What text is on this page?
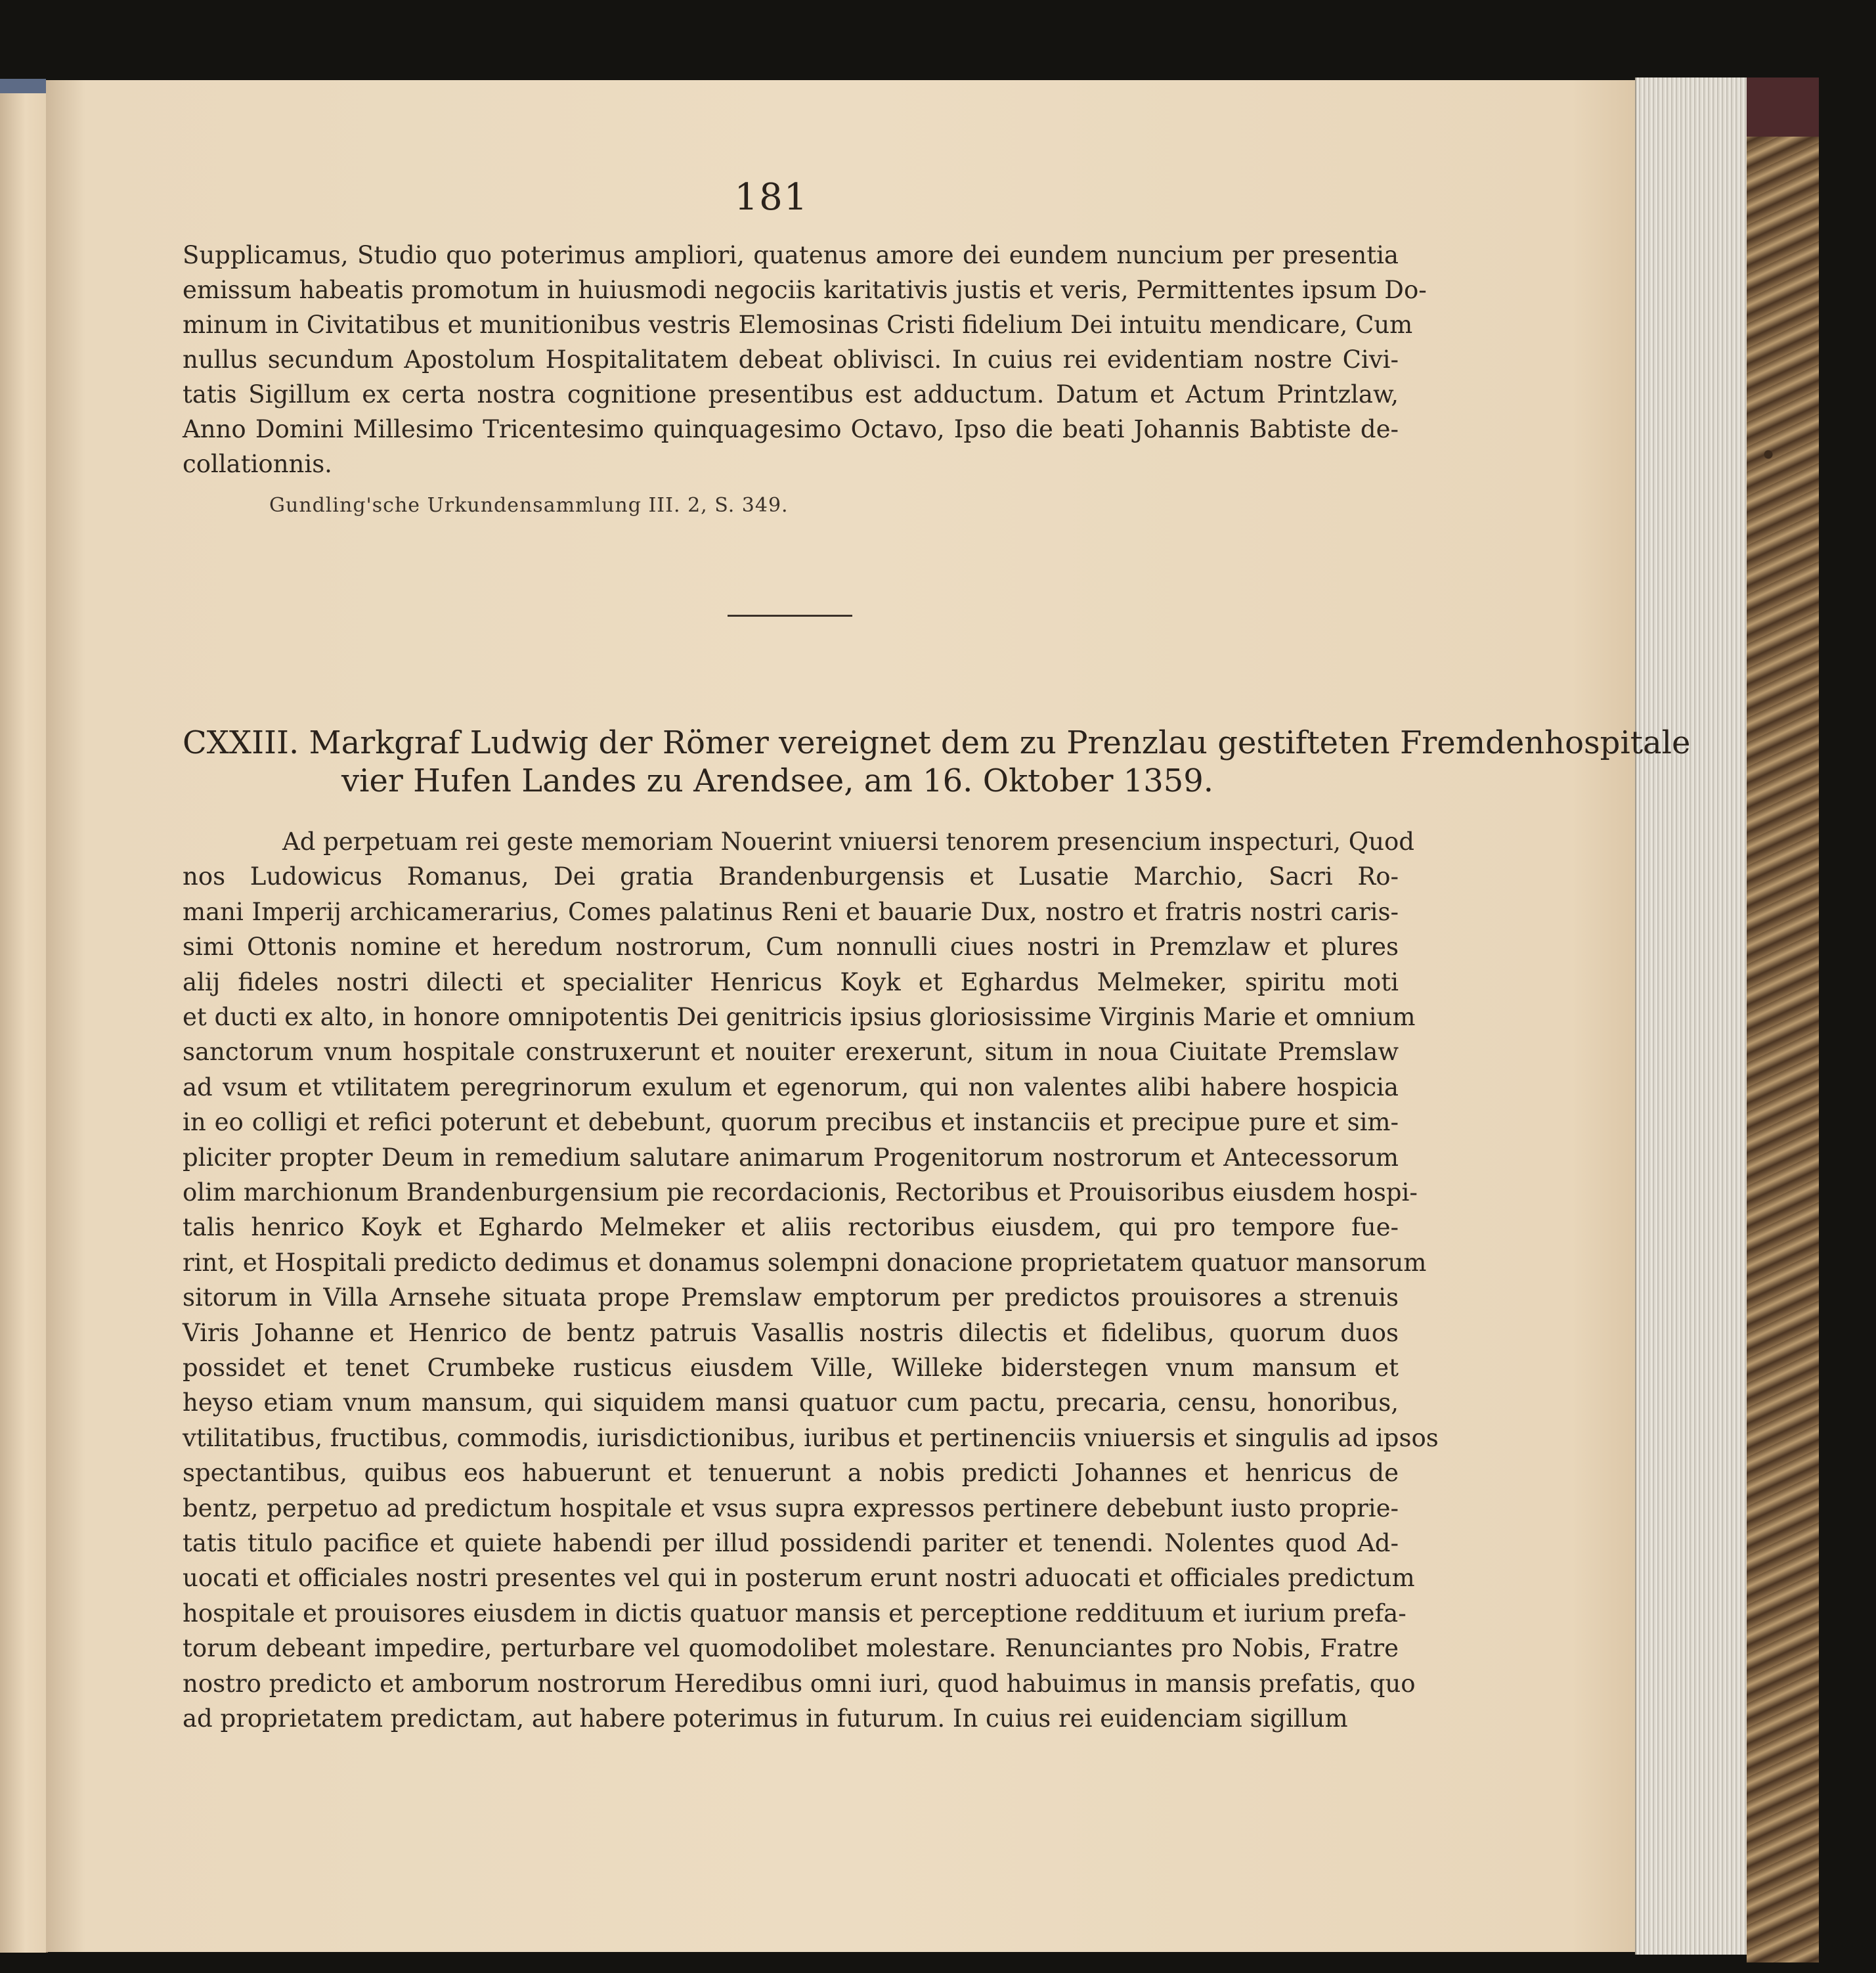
181
Supplicamus, Studio quo poterimus ampliori, quatenus amore dei eundem nuncium per presentia
emissum habeatis promotum in huiusmodi negociis karitativis justis et veris, Permittentes ipsum Do-
minum in Civitatibus et munitionibus vestris Elemosinas Cristi fidelium Dei intuitu mendicare, Cum
nullus secundum Apostolum Hospitalitatem debeat oblivisci. In cuius rei evidentiam nostre Civi-
tatis Sigillum ex certa nostra cognitione presentibus est adductum. Datum et Actum Printzlaw,
Anno Domini Millesimo Tricentesimo quinquagesimo Octavo, Ipso die beati Johannis Babtiste de-
collationnis.
Gundling'sche Urkundensammlung III. 2, S. 349.
CXXIII. Markgraf Ludwig der Römer vereignet dem zu Prenzlau gestifteten Fremdenhospitale
vier Hufen Landes zu Arendsee, am 16. Oktober 1359.
Ad perpetuam rei geste memoriam Nouerint vniuersi tenorem presencium inspecturi, Quod
nos Ludowicus Romanus, Dei gratia Brandenburgensis et Lusatie Marchio, Sacri Ro-
mani Imperij archicamerarius, Comes palatinus Reni et bauarie Dux, nostro et fratris nostri caris-
simi Ottonis nomine et heredum nostrorum, Cum nonnulli ciues nostri in Premzlaw et plures
alij fideles nostri dilecti et specialiter Henricus Koyk et Eghardus Melmeker, spiritu moti
et ducti ex alto, in honore omnipotentis Dei genitricis ipsius gloriosissime Virginis Marie et omnium
sanctorum vnum hospitale construxerunt et nouiter erexerunt, situm in noua Ciuitate Premslaw
ad vsum et vtilitatem peregrinorum exulum et egenorum, qui non valentes alibi habere hospicia
in eo colligi et refici poterunt et debebunt, quorum precibus et instanciis et precipue pure et sim-
pliciter propter Deum in remedium salutare animarum Progenitorum nostrorum et Antecessorum
olim marchionum Brandenburgensium pie recordacionis, Rectoribus et Prouisoribus eiusdem hospi-
talis henrico Koyk et Eghardo Melmeker et aliis rectoribus eiusdem, qui pro tempore fue-
rint, et Hospitali predicto dedimus et donamus solempni donacione proprietatem quatuor mansorum
sitorum in Villa Arnsehe situata prope Premslaw emptorum per predictos prouisores a strenuis
Viris Johanne et Henrico de bentz patruis Vasallis nostris dilectis et fidelibus, quorum duos
possidet et tenet Crumbeke rusticus eiusdem Ville, Willeke biderstegen vnum mansum et
heyso etiam vnum mansum, qui siquidem mansi quatuor cum pactu, precaria, censu, honoribus,
vtilitatibus, fructibus, commodis, iurisdictionibus, iuribus et pertinenciis vniuersis et singulis ad ipsos
spectantibus, quibus eos habuerunt et tenuerunt a nobis predicti Johannes et henricus de
bentz, perpetuo ad predictum hospitale et vsus supra expressos pertinere debebunt iusto proprie-
tatis titulo pacifice et quiete habendi per illud possidendi pariter et tenendi. Nolentes quod Ad-
uocati et officiales nostri presentes vel qui in posterum erunt nostri aduocati et officiales predictum
hospitale et prouisores eiusdem in dictis quatuor mansis et perceptione reddituum et iurium prefa-
torum debeant impedire, perturbare vel quomodolibet molestare. Renunciantes pro Nobis, Fratre
nostro predicto et amborum nostrorum Heredibus omni iuri, quod habuimus in mansis prefatis, quo
ad proprietatem predictam, aut habere poterimus in futurum. In cuius rei euidenciam sigillum
